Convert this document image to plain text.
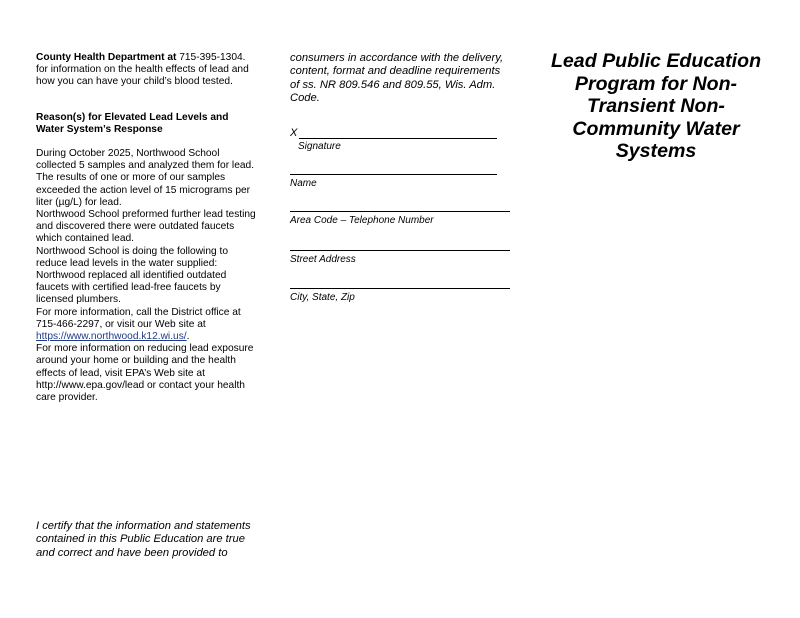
County Health Department at 715-395-1304. for information on the health effects of lead and how you can have your child’s blood tested.
Reason(s) for Elevated Lead Levels and Water System’s Response

During October 2025, Northwood School collected 5 samples and analyzed them for lead. The results of one or more of our samples exceeded the action level of 15 micrograms per liter (µg/L) for lead.

Northwood School preformed further lead testing and discovered there were outdated faucets which contained lead.

Northwood School is doing the following to reduce lead levels in the water supplied: Northwood replaced all identified outdated faucets with certified lead-free faucets by licensed plumbers.

For more information, call the District office at 715-466-2297, or visit our Web site at https://www.northwood.k12.wi.us/.

For more information on reducing lead exposure around your home or building and the health effects of lead, visit EPA’s Web site at http://www.epa.gov/lead or contact your health care provider.

I certify that the information and statements contained in this Public Education are true and correct and have been provided to
consumers in accordance with the delivery, content, format and deadline requirements of ss. NR 809.546 and 809.55, Wis. Adm. Code.
X
Signature
Name
Area Code – Telephone Number
Street Address
City, State, Zip
Lead Public Education Program for Non-Transient Non-Community Water Systems
